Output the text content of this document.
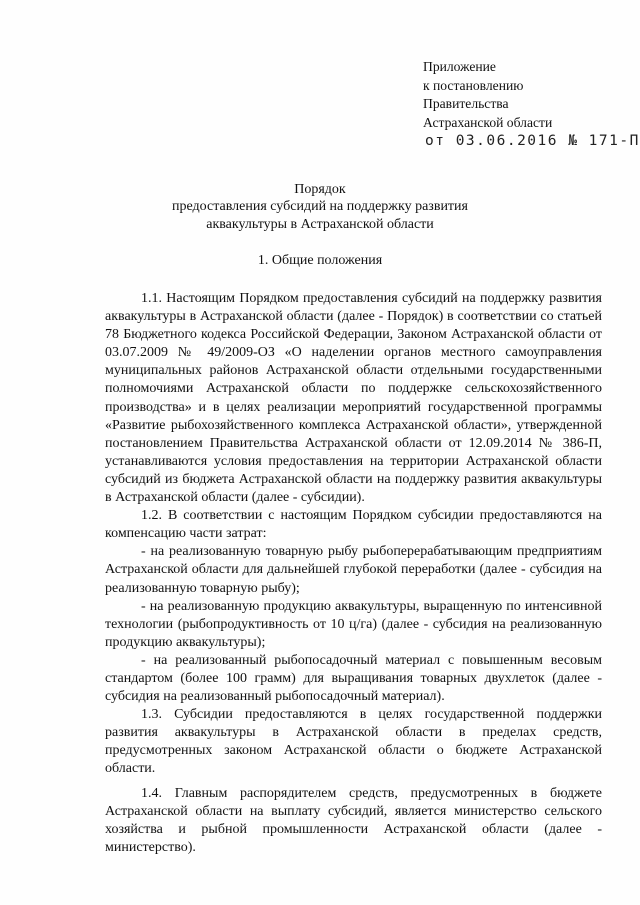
Приложение
к постановлению
Правительства
Астраханской области
от 03.06.2016 № 171-П
Порядок
предоставления субсидий на поддержку развития
аквакультуры в Астраханской области
1. Общие положения

1.1. Настоящим Порядком предоставления субсидий на поддержку развития аквакультуры в Астраханской области (далее - Порядок) в соответствии со статьей 78 Бюджетного кодекса Российской Федерации, Законом Астраханской области от 03.07.2009 № 49/2009-ОЗ «О наделении органов местного самоуправления муниципальных районов Астраханской области отдельными государственными полномочиями Астраханской области по поддержке сельскохозяйственного производства» и в целях реализации мероприятий государственной программы «Развитие рыбохозяйственного комплекса Астраханской области», утвержденной постановлением Правительства Астраханской области от 12.09.2014 № 386-П, устанавливаются условия предоставления на территории Астраханской области субсидий из бюджета Астраханской области на поддержку развития аквакультуры в Астраханской области (далее - субсидии).

1.2. В соответствии с настоящим Порядком субсидии предоставляются на компенсацию части затрат:

- на реализованную товарную рыбу рыбоперерабатывающим предприятиям Астраханской области для дальнейшей глубокой переработки (далее - субсидия на реализованную товарную рыбу);

- на реализованную продукцию аквакультуры, выращенную по интенсивной технологии (рыбопродуктивность от 10 ц/га) (далее - субсидия на реализованную продукцию аквакультуры);

- на реализованный рыбопосадочный материал с повышенным весовым стандартом (более 100 грамм) для выращивания товарных двухлеток (далее - субсидия на реализованный рыбопосадочный материал).

1.3. Субсидии предоставляются в целях государственной поддержки развития аквакультуры в Астраханской области в пределах средств, предусмотренных законом Астраханской области о бюджете Астраханской области.

1.4. Главным распорядителем средств, предусмотренных в бюджете Астраханской области на выплату субсидий, является министерство сельского хозяйства и рыбной промышленности Астраханской области (далее - министерство).
